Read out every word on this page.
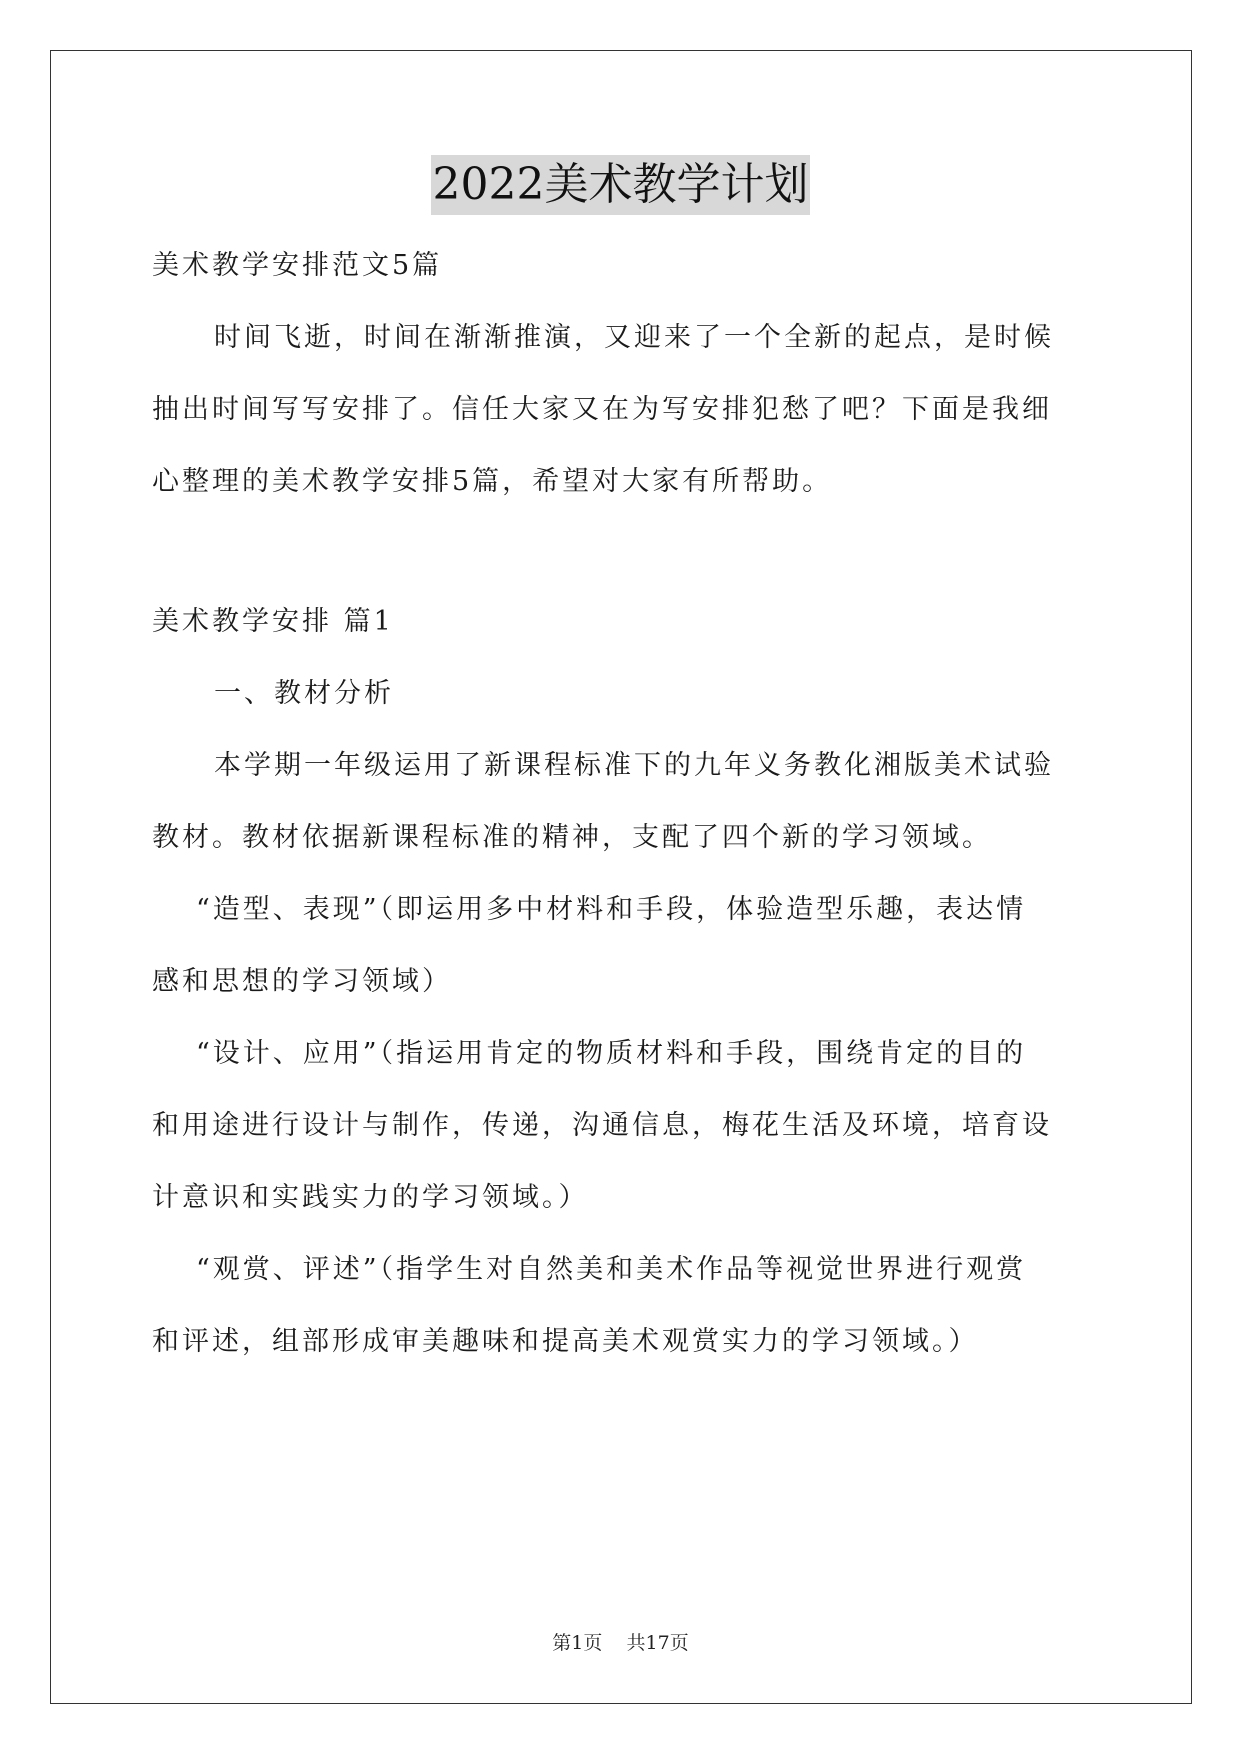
2022美术教学计划
美术教学安排范文5篇
时间飞逝，时间在渐渐推演，又迎来了一个全新的起点，是时候
抽出时间写写安排了。信任大家又在为写安排犯愁了吧？下面是我细
心整理的美术教学安排5篇，希望对大家有所帮助。
美术教学安排 篇1
一、教材分析
本学期一年级运用了新课程标准下的九年义务教化湘版美术试验
教材。教材依据新课程标准的精神，支配了四个新的学习领域。
“造型、表现”（即运用多中材料和手段，体验造型乐趣，表达情
感和思想的学习领域）
“设计、应用”（指运用肯定的物质材料和手段，围绕肯定的目的
和用途进行设计与制作，传递，沟通信息，梅花生活及环境，培育设
计意识和实践实力的学习领域。）
“观赏、评述”（指学生对自然美和美术作品等视觉世界进行观赏
和评述，组部形成审美趣味和提高美术观赏实力的学习领域。）
第1页    共17页
